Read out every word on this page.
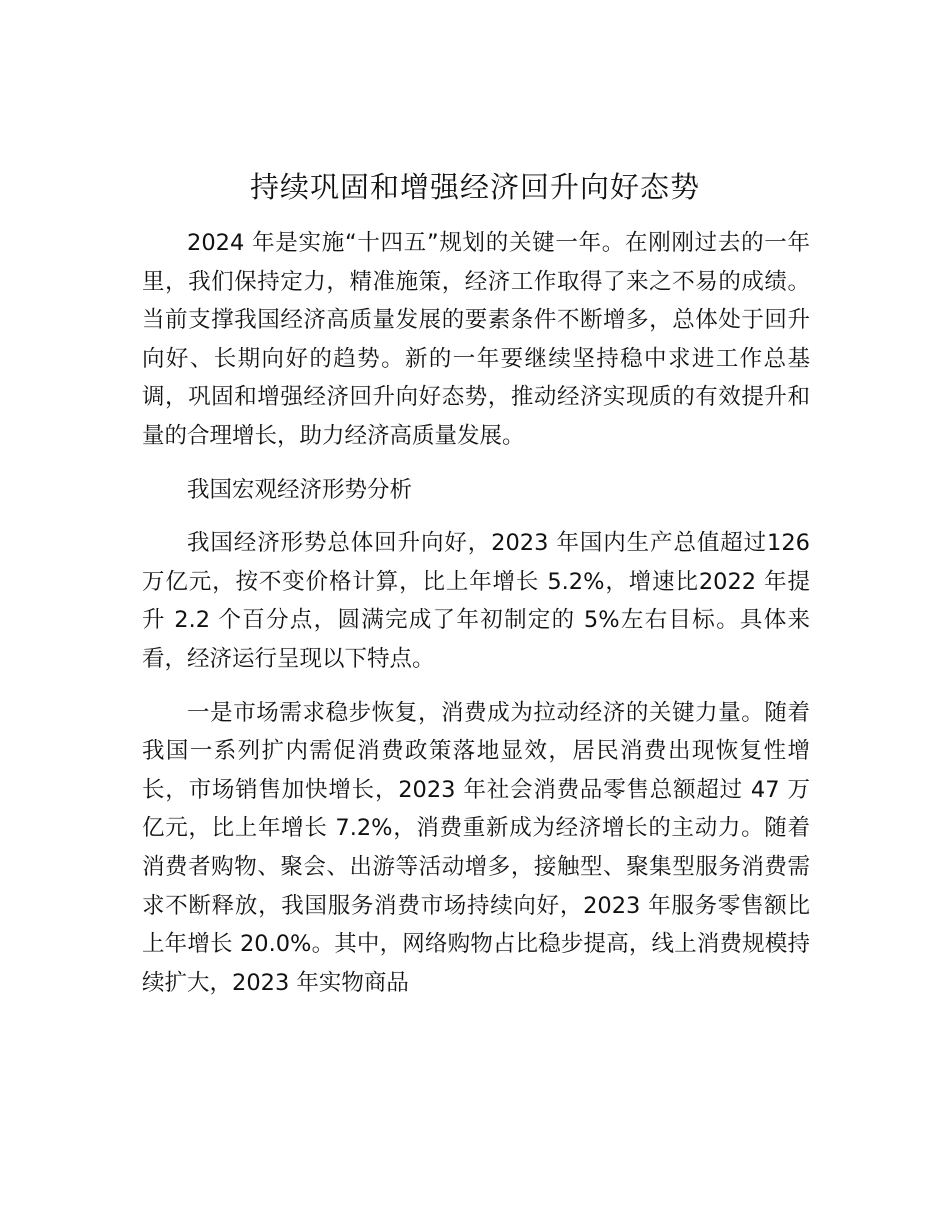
持续巩固和增强经济回升向好态势

2024 年是实施“十四五”规划的关键一年。在刚刚过去的一年里，我们保持定力，精准施策，经济工作取得了来之不易的成绩。当前支撑我国经济高质量发展的要素条件不断增多，总体处于回升向好、长期向好的趋势。新的一年要继续坚持稳中求进工作总基调，巩固和增强经济回升向好态势，推动经济实现质的有效提升和量的合理增长，助力经济高质量发展。

我国宏观经济形势分析

我国经济形势总体回升向好，2023 年国内生产总值超过126 万亿元，按不变价格计算，比上年增长 5.2%，增速比2022 年提升 2.2 个百分点，圆满完成了年初制定的 5%左右目标。具体来看，经济运行呈现以下特点。

一是市场需求稳步恢复，消费成为拉动经济的关键力量。随着我国一系列扩内需促消费政策落地显效，居民消费出现恢复性增长，市场销售加快增长，2023 年社会消费品零售总额超过 47 万亿元，比上年增长 7.2%，消费重新成为经济增长的主动力。随着消费者购物、聚会、出游等活动增多，接触型、聚集型服务消费需求不断释放，我国服务消费市场持续向好，2023 年服务零售额比上年增长 20.0%。其中，网络购物占比稳步提高，线上消费规模持续扩大，2023 年实物商品
